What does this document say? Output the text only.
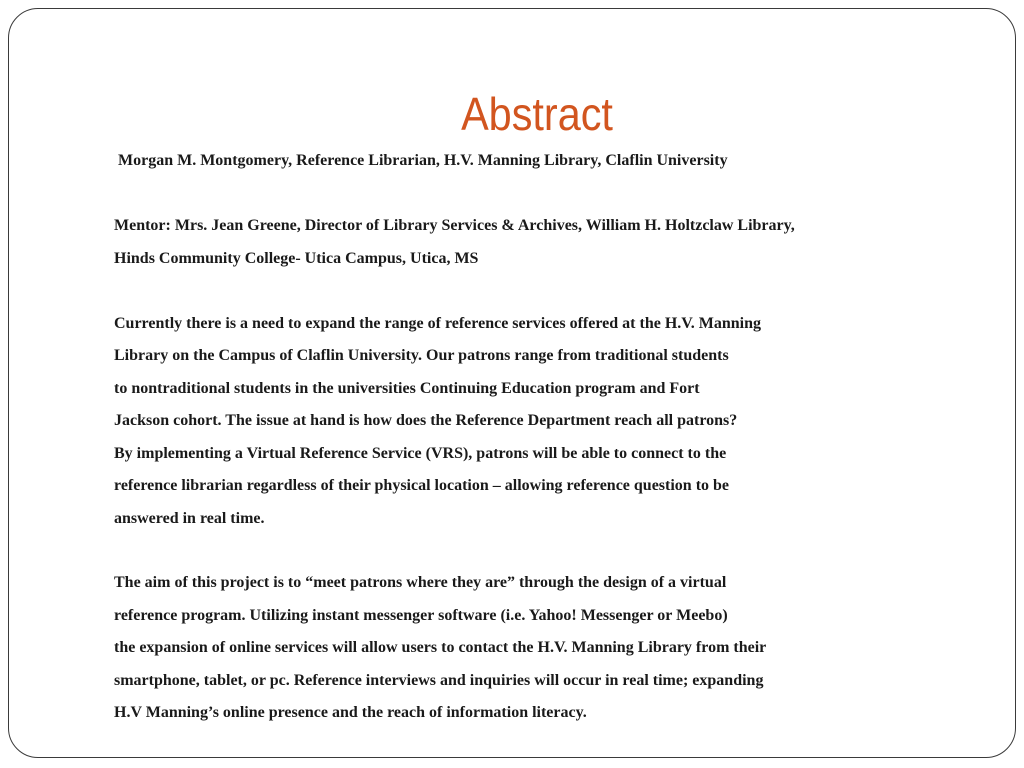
Abstract
Morgan M. Montgomery, Reference Librarian, H.V. Manning Library, Claflin University
Mentor: Mrs. Jean Greene, Director of Library Services & Archives, William H. Holtzclaw Library,
Hinds Community College- Utica Campus, Utica, MS
Currently there is a need to expand the range of reference services offered at the H.V. Manning
Library on the Campus of Claflin University. Our patrons range from traditional students
to nontraditional students in the universities Continuing Education program and Fort
Jackson cohort. The issue at hand is how does the Reference Department reach all patrons?
By implementing a Virtual Reference Service (VRS), patrons will be able to connect to the
reference librarian regardless of their physical location – allowing reference question to be
answered in real time.
The aim of this project is to “meet patrons where they are” through the design of a virtual
reference program. Utilizing instant messenger software (i.e. Yahoo! Messenger or Meebo)
the expansion of online services will allow users to contact the H.V. Manning Library from their
smartphone, tablet, or pc. Reference interviews and inquiries will occur in real time; expanding
H.V Manning’s online presence and the reach of information literacy.
